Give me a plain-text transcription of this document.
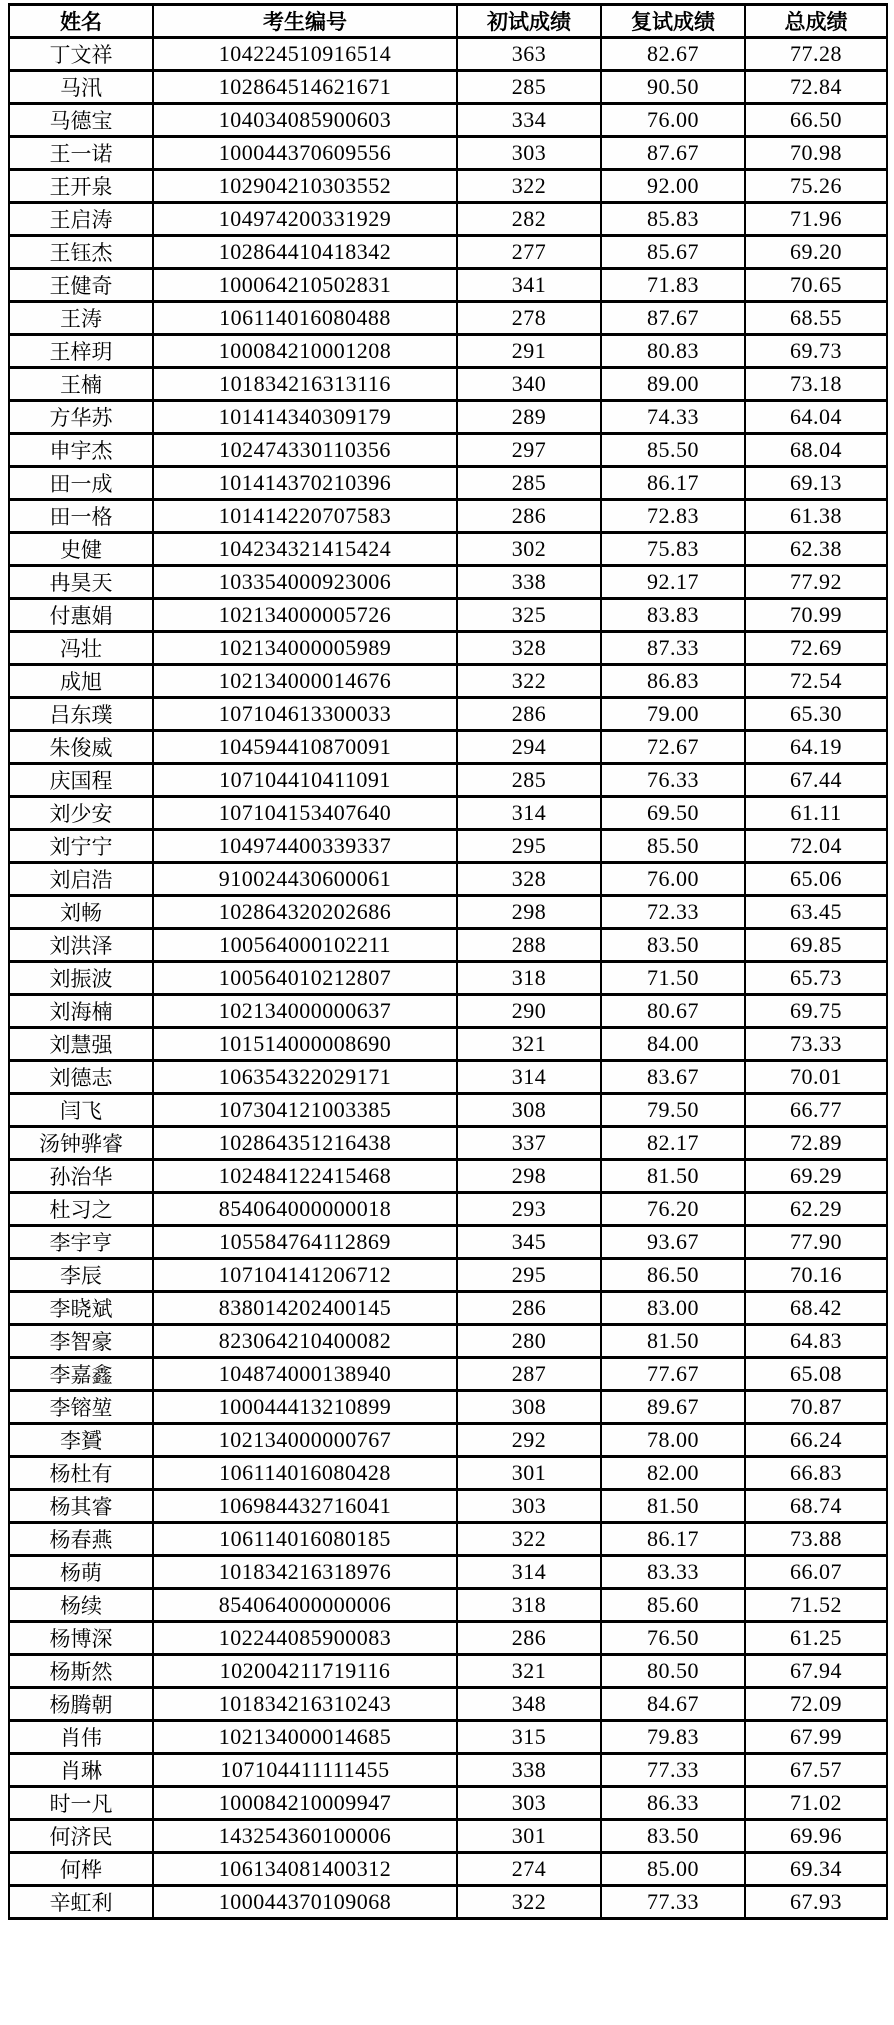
姓名	考生编号	初试成绩	复试成绩	总成绩
丁文祥	104224510916514	363	82.67	77.28
马汛	102864514621671	285	90.50	72.84
马德宝	104034085900603	334	76.00	66.50
王一诺	100044370609556	303	87.67	70.98
王开泉	102904210303552	322	92.00	75.26
王启涛	104974200331929	282	85.83	71.96
王钰杰	102864410418342	277	85.67	69.20
王健奇	100064210502831	341	71.83	70.65
王涛	106114016080488	278	87.67	68.55
王梓玥	100084210001208	291	80.83	69.73
王楠	101834216313116	340	89.00	73.18
方华苏	101414340309179	289	74.33	64.04
申宇杰	102474330110356	297	85.50	68.04
田一成	101414370210396	285	86.17	69.13
田一格	101414220707583	286	72.83	61.38
史健	104234321415424	302	75.83	62.38
冉昊天	103354000923006	338	92.17	77.92
付惠娟	102134000005726	325	83.83	70.99
冯壮	102134000005989	328	87.33	72.69
成旭	102134000014676	322	86.83	72.54
吕东璞	107104613300033	286	79.00	65.30
朱俊威	104594410870091	294	72.67	64.19
庆国程	107104410411091	285	76.33	67.44
刘少安	107104153407640	314	69.50	61.11
刘宁宁	104974400339337	295	85.50	72.04
刘启浩	910024430600061	328	76.00	65.06
刘畅	102864320202686	298	72.33	63.45
刘洪泽	100564000102211	288	83.50	69.85
刘振波	100564010212807	318	71.50	65.73
刘海楠	102134000000637	290	80.67	69.75
刘慧强	101514000008690	321	84.00	73.33
刘德志	106354322029171	314	83.67	70.01
闫飞	107304121003385	308	79.50	66.77
汤钟骅睿	102864351216438	337	82.17	72.89
孙治华	102484122415468	298	81.50	69.29
杜习之	854064000000018	293	76.20	62.29
李宇亨	105584764112869	345	93.67	77.90
李辰	107104141206712	295	86.50	70.16
李晓斌	838014202400145	286	83.00	68.42
李智豪	823064210400082	280	81.50	64.83
李嘉鑫	104874000138940	287	77.67	65.08
李镕堃	100044413210899	308	89.67	70.87
李贇	102134000000767	292	78.00	66.24
杨杜有	106114016080428	301	82.00	66.83
杨其睿	106984432716041	303	81.50	68.74
杨春燕	106114016080185	322	86.17	73.88
杨萌	101834216318976	314	83.33	66.07
杨续	854064000000006	318	85.60	71.52
杨博深	102244085900083	286	76.50	61.25
杨斯然	102004211719116	321	80.50	67.94
杨腾朝	101834216310243	348	84.67	72.09
肖伟	102134000014685	315	79.83	67.99
肖琳	107104411111455	338	77.33	67.57
时一凡	100084210009947	303	86.33	71.02
何济民	143254360100006	301	83.50	69.96
何桦	106134081400312	274	85.00	69.34
辛虹利	100044370109068	322	77.33	67.93
